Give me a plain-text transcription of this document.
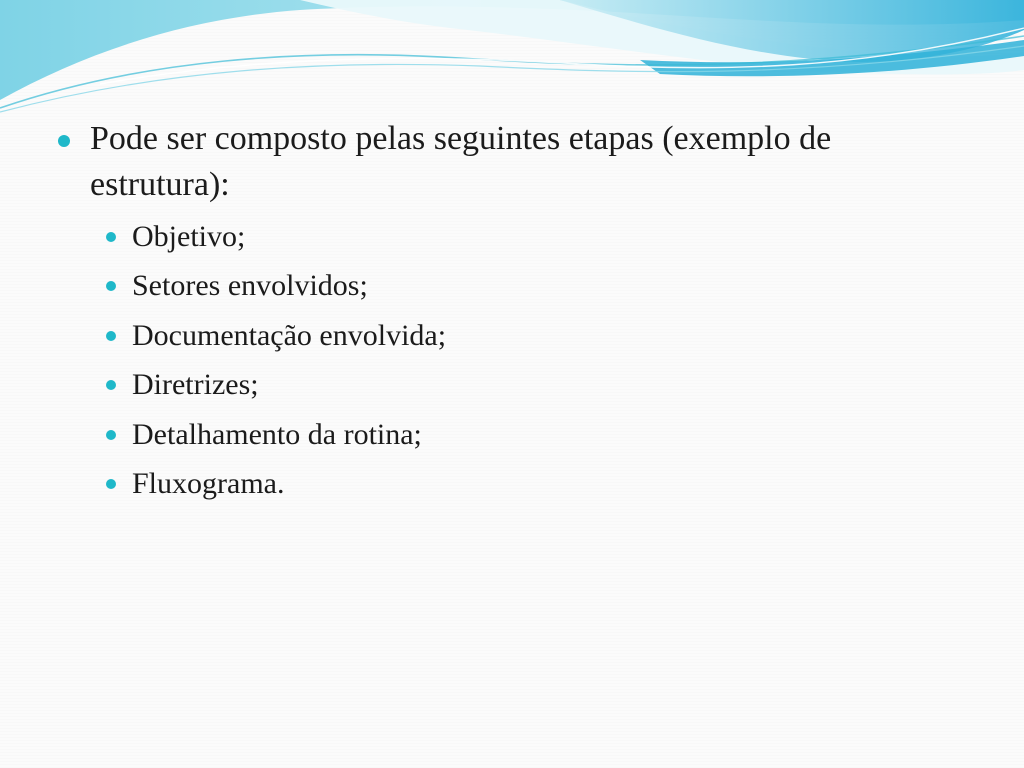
Pode ser composto pelas seguintes etapas (exemplo de estrutura):
Objetivo;
Setores envolvidos;
Documentação envolvida;
Diretrizes;
Detalhamento da rotina;
Fluxograma.
